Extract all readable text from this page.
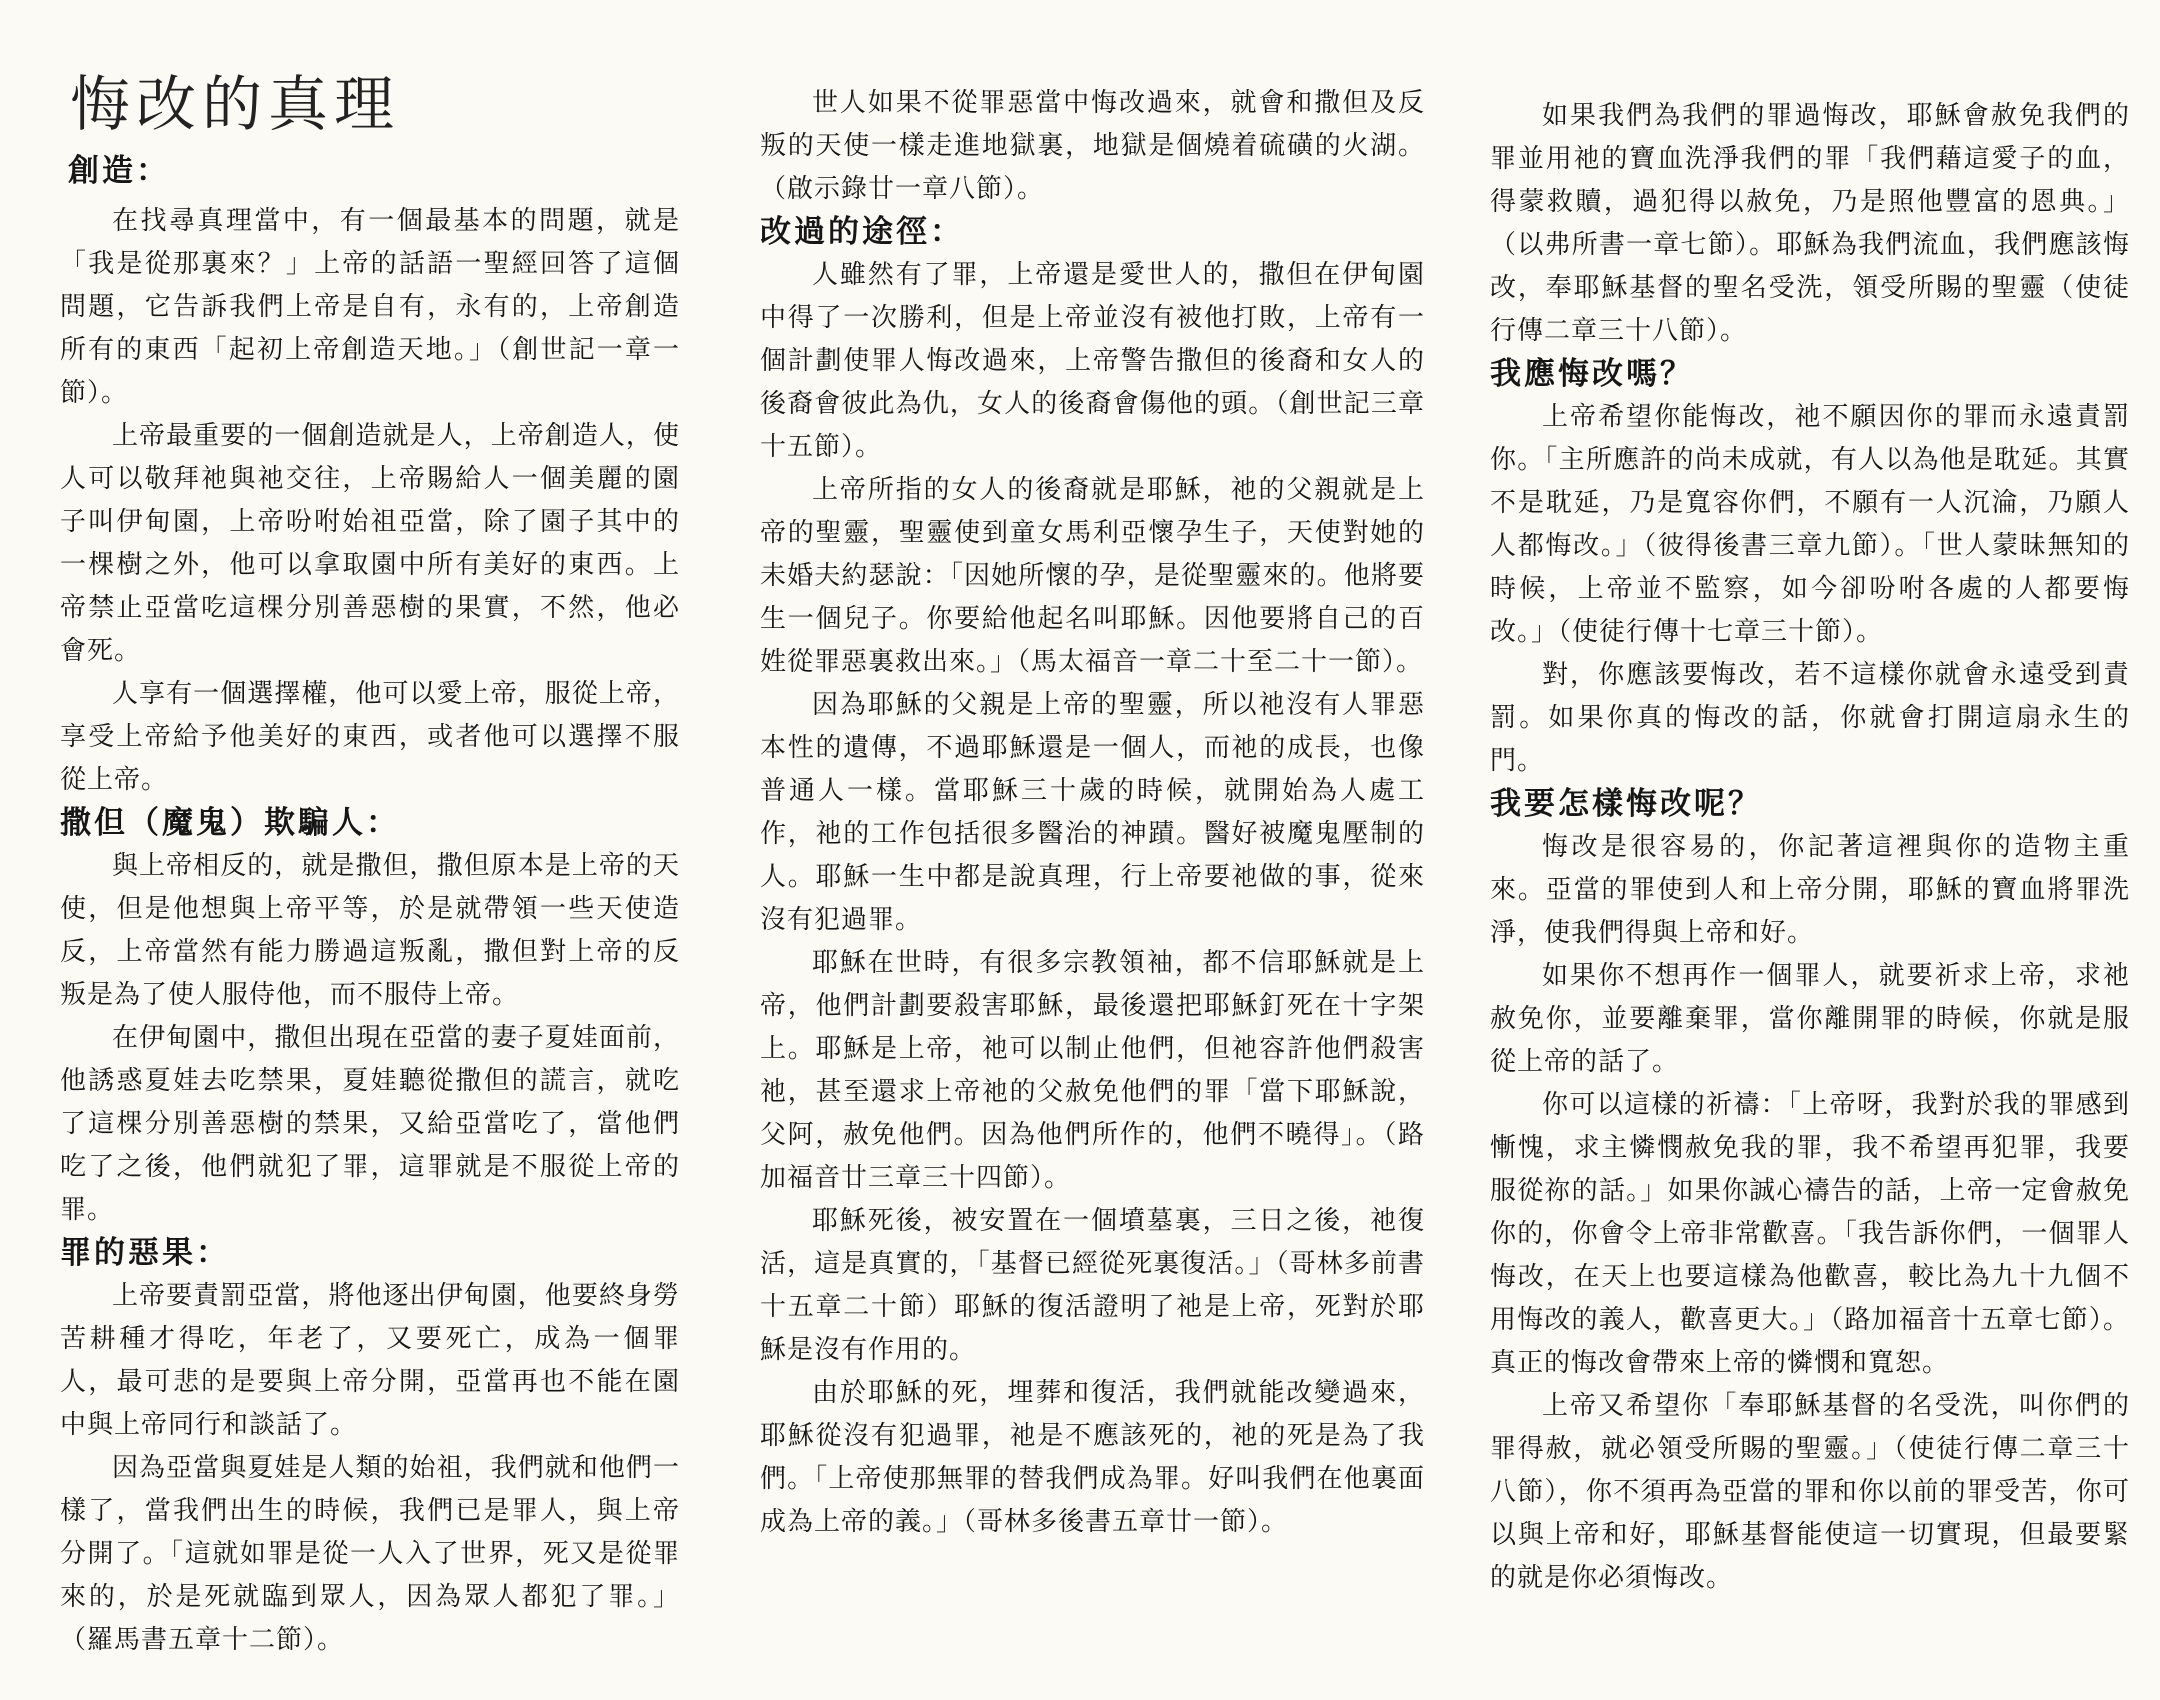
悔改的真理
創造：

在找尋真理當中，有一個最基本的問題，就是「我是從那裏來？」上帝的話語一聖經回答了這個問題，它告訴我們上帝是自有，永有的，上帝創造所有的東西「起初上帝創造天地。」（創世記一章一節）。

上帝最重要的一個創造就是人，上帝創造人，使人可以敬拜祂與祂交往，上帝賜給人一個美麗的園子叫伊甸園，上帝吩咐始祖亞當，除了園子其中的一棵樹之外，他可以拿取園中所有美好的東西。上帝禁止亞當吃這棵分別善惡樹的果實，不然，他必會死。

人享有一個選擇權，他可以愛上帝，服從上帝，享受上帝給予他美好的東西，或者他可以選擇不服從上帝。

撒但（魔鬼）欺騙人：

與上帝相反的，就是撒但，撒但原本是上帝的天使，但是他想與上帝平等，於是就帶領一些天使造反，上帝當然有能力勝過這叛亂，撒但對上帝的反叛是為了使人服侍他，而不服侍上帝。

在伊甸園中，撒但出現在亞當的妻子夏娃面前，他誘惑夏娃去吃禁果，夏娃聽從撒但的謊言，就吃了這棵分別善惡樹的禁果，又給亞當吃了，當他們吃了之後，他們就犯了罪，這罪就是不服從上帝的罪。

罪的惡果：

上帝要責罰亞當，將他逐出伊甸園，他要終身勞苦耕種才得吃，年老了，又要死亡，成為一個罪人，最可悲的是要與上帝分開，亞當再也不能在園中與上帝同行和談話了。

因為亞當與夏娃是人類的始祖，我們就和他們一樣了，當我們出生的時候，我們已是罪人，與上帝分開了。「這就如罪是從一人入了世界，死又是從罪來的，於是死就臨到眾人，因為眾人都犯了罪。」（羅馬書五章十二節）。

世人如果不從罪惡當中悔改過來，就會和撒但及反叛的天使一樣走進地獄裏，地獄是個燒着硫磺的火湖。（啟示錄廿一章八節）。

改過的途徑：

人雖然有了罪，上帝還是愛世人的，撒但在伊甸園中得了一次勝利，但是上帝並沒有被他打敗，上帝有一個計劃使罪人悔改過來，上帝警告撒但的後裔和女人的後裔會彼此為仇，女人的後裔會傷他的頭。（創世記三章十五節）。

上帝所指的女人的後裔就是耶穌，祂的父親就是上帝的聖靈，聖靈使到童女馬利亞懷孕生子，天使對她的未婚夫約瑟說：「因她所懷的孕，是從聖靈來的。他將要生一個兒子。你要給他起名叫耶穌。因他要將自己的百姓從罪惡裏救出來。」（馬太福音一章二十至二十一節）。

因為耶穌的父親是上帝的聖靈，所以祂沒有人罪惡本性的遺傳，不過耶穌還是一個人，而祂的成長，也像普通人一樣。當耶穌三十歲的時候，就開始為人處工作，祂的工作包括很多醫治的神蹟。醫好被魔鬼壓制的人。耶穌一生中都是說真理，行上帝要祂做的事，從來沒有犯過罪。

耶穌在世時，有很多宗教領袖，都不信耶穌就是上帝，他們計劃要殺害耶穌，最後還把耶穌釘死在十字架上。耶穌是上帝，祂可以制止他們，但祂容許他們殺害祂，甚至還求上帝祂的父赦免他們的罪「當下耶穌說，父阿，赦免他們。因為他們所作的，他們不曉得」。（路加福音廿三章三十四節）。

耶穌死後，被安置在一個墳墓裏，三日之後，祂復活，這是真實的，「基督已經從死裏復活。」（哥林多前書十五章二十節）耶穌的復活證明了祂是上帝，死對於耶穌是沒有作用的。

由於耶穌的死，埋葬和復活，我們就能改變過來，耶穌從沒有犯過罪，祂是不應該死的，祂的死是為了我們。「上帝使那無罪的替我們成為罪。好叫我們在他裏面成為上帝的義。」（哥林多後書五章廿一節）。

如果我們為我們的罪過悔改，耶穌會赦免我們的罪並用祂的寶血洗淨我們的罪「我們藉這愛子的血，得蒙救贖，過犯得以赦免，乃是照他豐富的恩典。」（以弗所書一章七節）。耶穌為我們流血，我們應該悔改，奉耶穌基督的聖名受洗，領受所賜的聖靈（使徒行傳二章三十八節）。

我應悔改嗎？

上帝希望你能悔改，祂不願因你的罪而永遠責罰你。「主所應許的尚未成就，有人以為他是耽延。其實不是耽延，乃是寬容你們，不願有一人沉淪，乃願人人都悔改。」（彼得後書三章九節）。「世人蒙昧無知的時候，上帝並不監察，如今卻吩咐各處的人都要悔改。」（使徒行傳十七章三十節）。

對，你應該要悔改，若不這樣你就會永遠受到責罰。如果你真的悔改的話，你就會打開這扇永生的門。

我要怎樣悔改呢？

悔改是很容易的，你記著這裡與你的造物主重來。亞當的罪使到人和上帝分開，耶穌的寶血將罪洗淨，使我們得與上帝和好。

如果你不想再作一個罪人，就要祈求上帝，求祂赦免你，並要離棄罪，當你離開罪的時候，你就是服從上帝的話了。

你可以這樣的祈禱：「上帝呀，我對於我的罪感到慚愧，求主憐憫赦免我的罪，我不希望再犯罪，我要服從祢的話。」如果你誠心禱告的話，上帝一定會赦免你的，你會令上帝非常歡喜。「我告訴你們，一個罪人悔改，在天上也要這樣為他歡喜，較比為九十九個不用悔改的義人，歡喜更大。」（路加福音十五章七節）。真正的悔改會帶來上帝的憐憫和寬恕。

上帝又希望你「奉耶穌基督的名受洗，叫你們的罪得赦，就必領受所賜的聖靈。」（使徒行傳二章三十八節），你不須再為亞當的罪和你以前的罪受苦，你可以與上帝和好，耶穌基督能使這一切實現，但最要緊的就是你必須悔改。
